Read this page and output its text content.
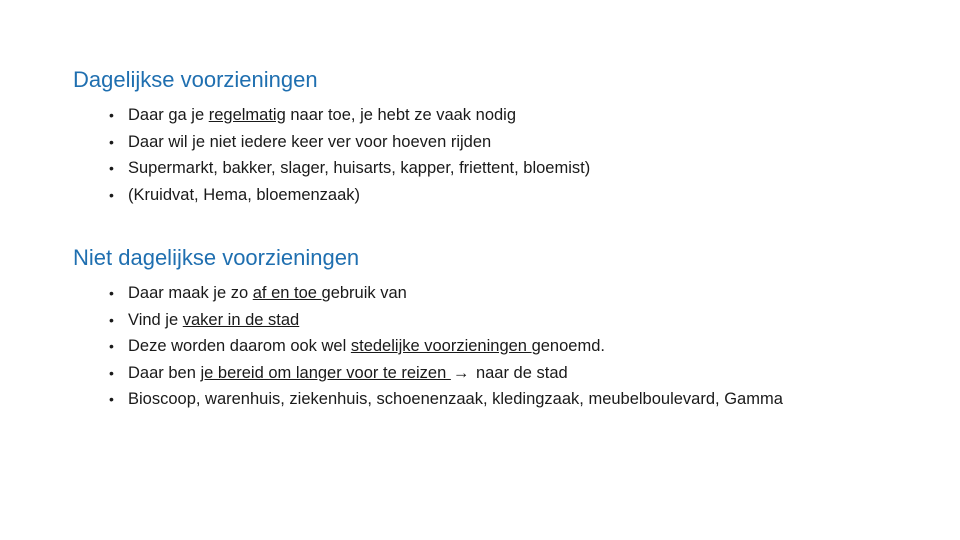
Dagelijkse voorzieningen
• Daar ga je regelmatig naar toe, je hebt ze vaak nodig
• Daar wil je niet iedere keer ver voor hoeven rijden
• Supermarkt, bakker, slager, huisarts, kapper, friettent, bloemist)
• (Kruidvat, Hema, bloemenzaak)
Niet dagelijkse voorzieningen
• Daar maak je zo af en toe gebruik van
• Vind je vaker in de stad
• Deze worden daarom ook wel stedelijke voorzieningen genoemd.
• Daar ben je bereid om langer voor te reizen → naar de stad
• Bioscoop, warenhuis, ziekenhuis, schoenenzaak, kledingzaak, meubelboulevard, Gamma
